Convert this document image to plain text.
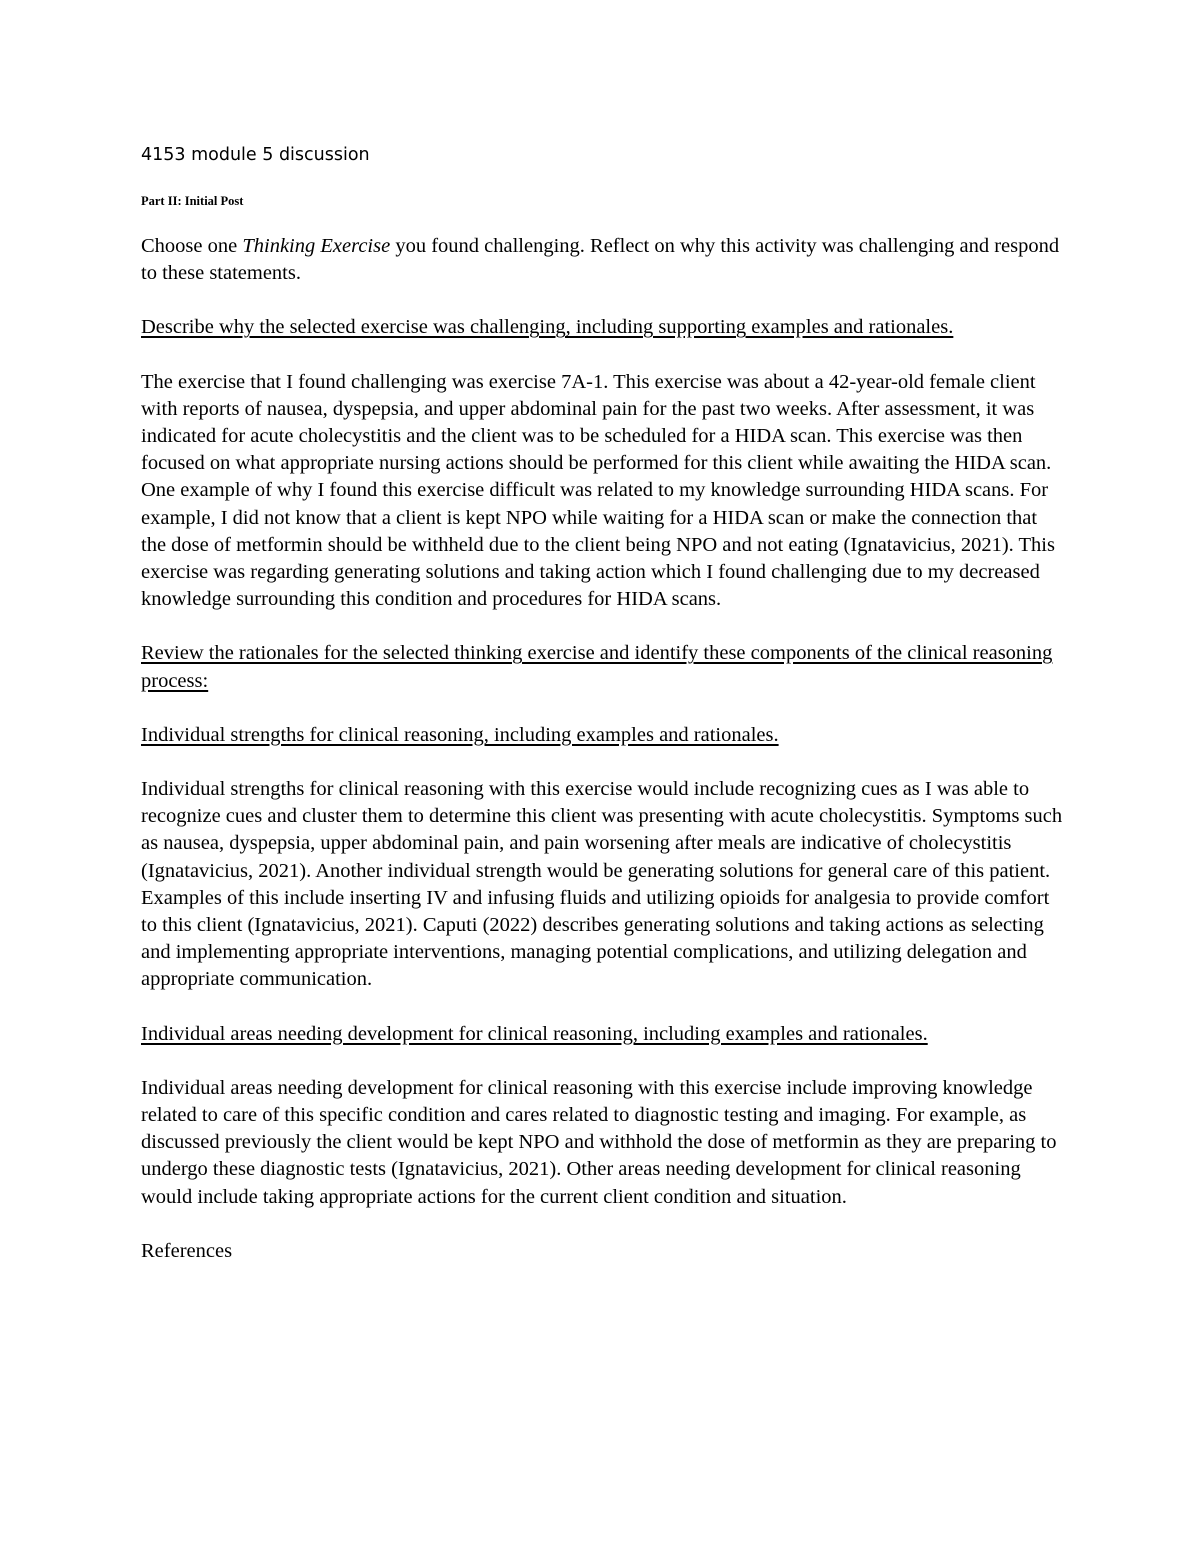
4153 module 5 discussion
Part II: Initial Post

Choose one Thinking Exercise you found challenging. Reflect on why this activity was challenging and respond to these statements.

Describe why the selected exercise was challenging, including supporting examples and rationales.

The exercise that I found challenging was exercise 7A-1. This exercise was about a 42-year-old female client with reports of nausea, dyspepsia, and upper abdominal pain for the past two weeks. After assessment, it was indicated for acute cholecystitis and the client was to be scheduled for a HIDA scan. This exercise was then focused on what appropriate nursing actions should be performed for this client while awaiting the HIDA scan. One example of why I found this exercise difficult was related to my knowledge surrounding HIDA scans. For example, I did not know that a client is kept NPO while waiting for a HIDA scan or make the connection that the dose of metformin should be withheld due to the client being NPO and not eating (Ignatavicius, 2021). This exercise was regarding generating solutions and taking action which I found challenging due to my decreased knowledge surrounding this condition and procedures for HIDA scans.

Review the rationales for the selected thinking exercise and identify these components of the clinical reasoning process:

Individual strengths for clinical reasoning, including examples and rationales.

Individual strengths for clinical reasoning with this exercise would include recognizing cues as I was able to recognize cues and cluster them to determine this client was presenting with acute cholecystitis. Symptoms such as nausea, dyspepsia, upper abdominal pain, and pain worsening after meals are indicative of cholecystitis (Ignatavicius, 2021). Another individual strength would be generating solutions for general care of this patient. Examples of this include inserting IV and infusing fluids and utilizing opioids for analgesia to provide comfort to this client (Ignatavicius, 2021). Caputi (2022) describes generating solutions and taking actions as selecting and implementing appropriate interventions, managing potential complications, and utilizing delegation and appropriate communication.

Individual areas needing development for clinical reasoning, including examples and rationales.

Individual areas needing development for clinical reasoning with this exercise include improving knowledge related to care of this specific condition and cares related to diagnostic testing and imaging. For example, as discussed previously the client would be kept NPO and withhold the dose of metformin as they are preparing to undergo these diagnostic tests (Ignatavicius, 2021). Other areas needing development for clinical reasoning would include taking appropriate actions for the current client condition and situation.

References
